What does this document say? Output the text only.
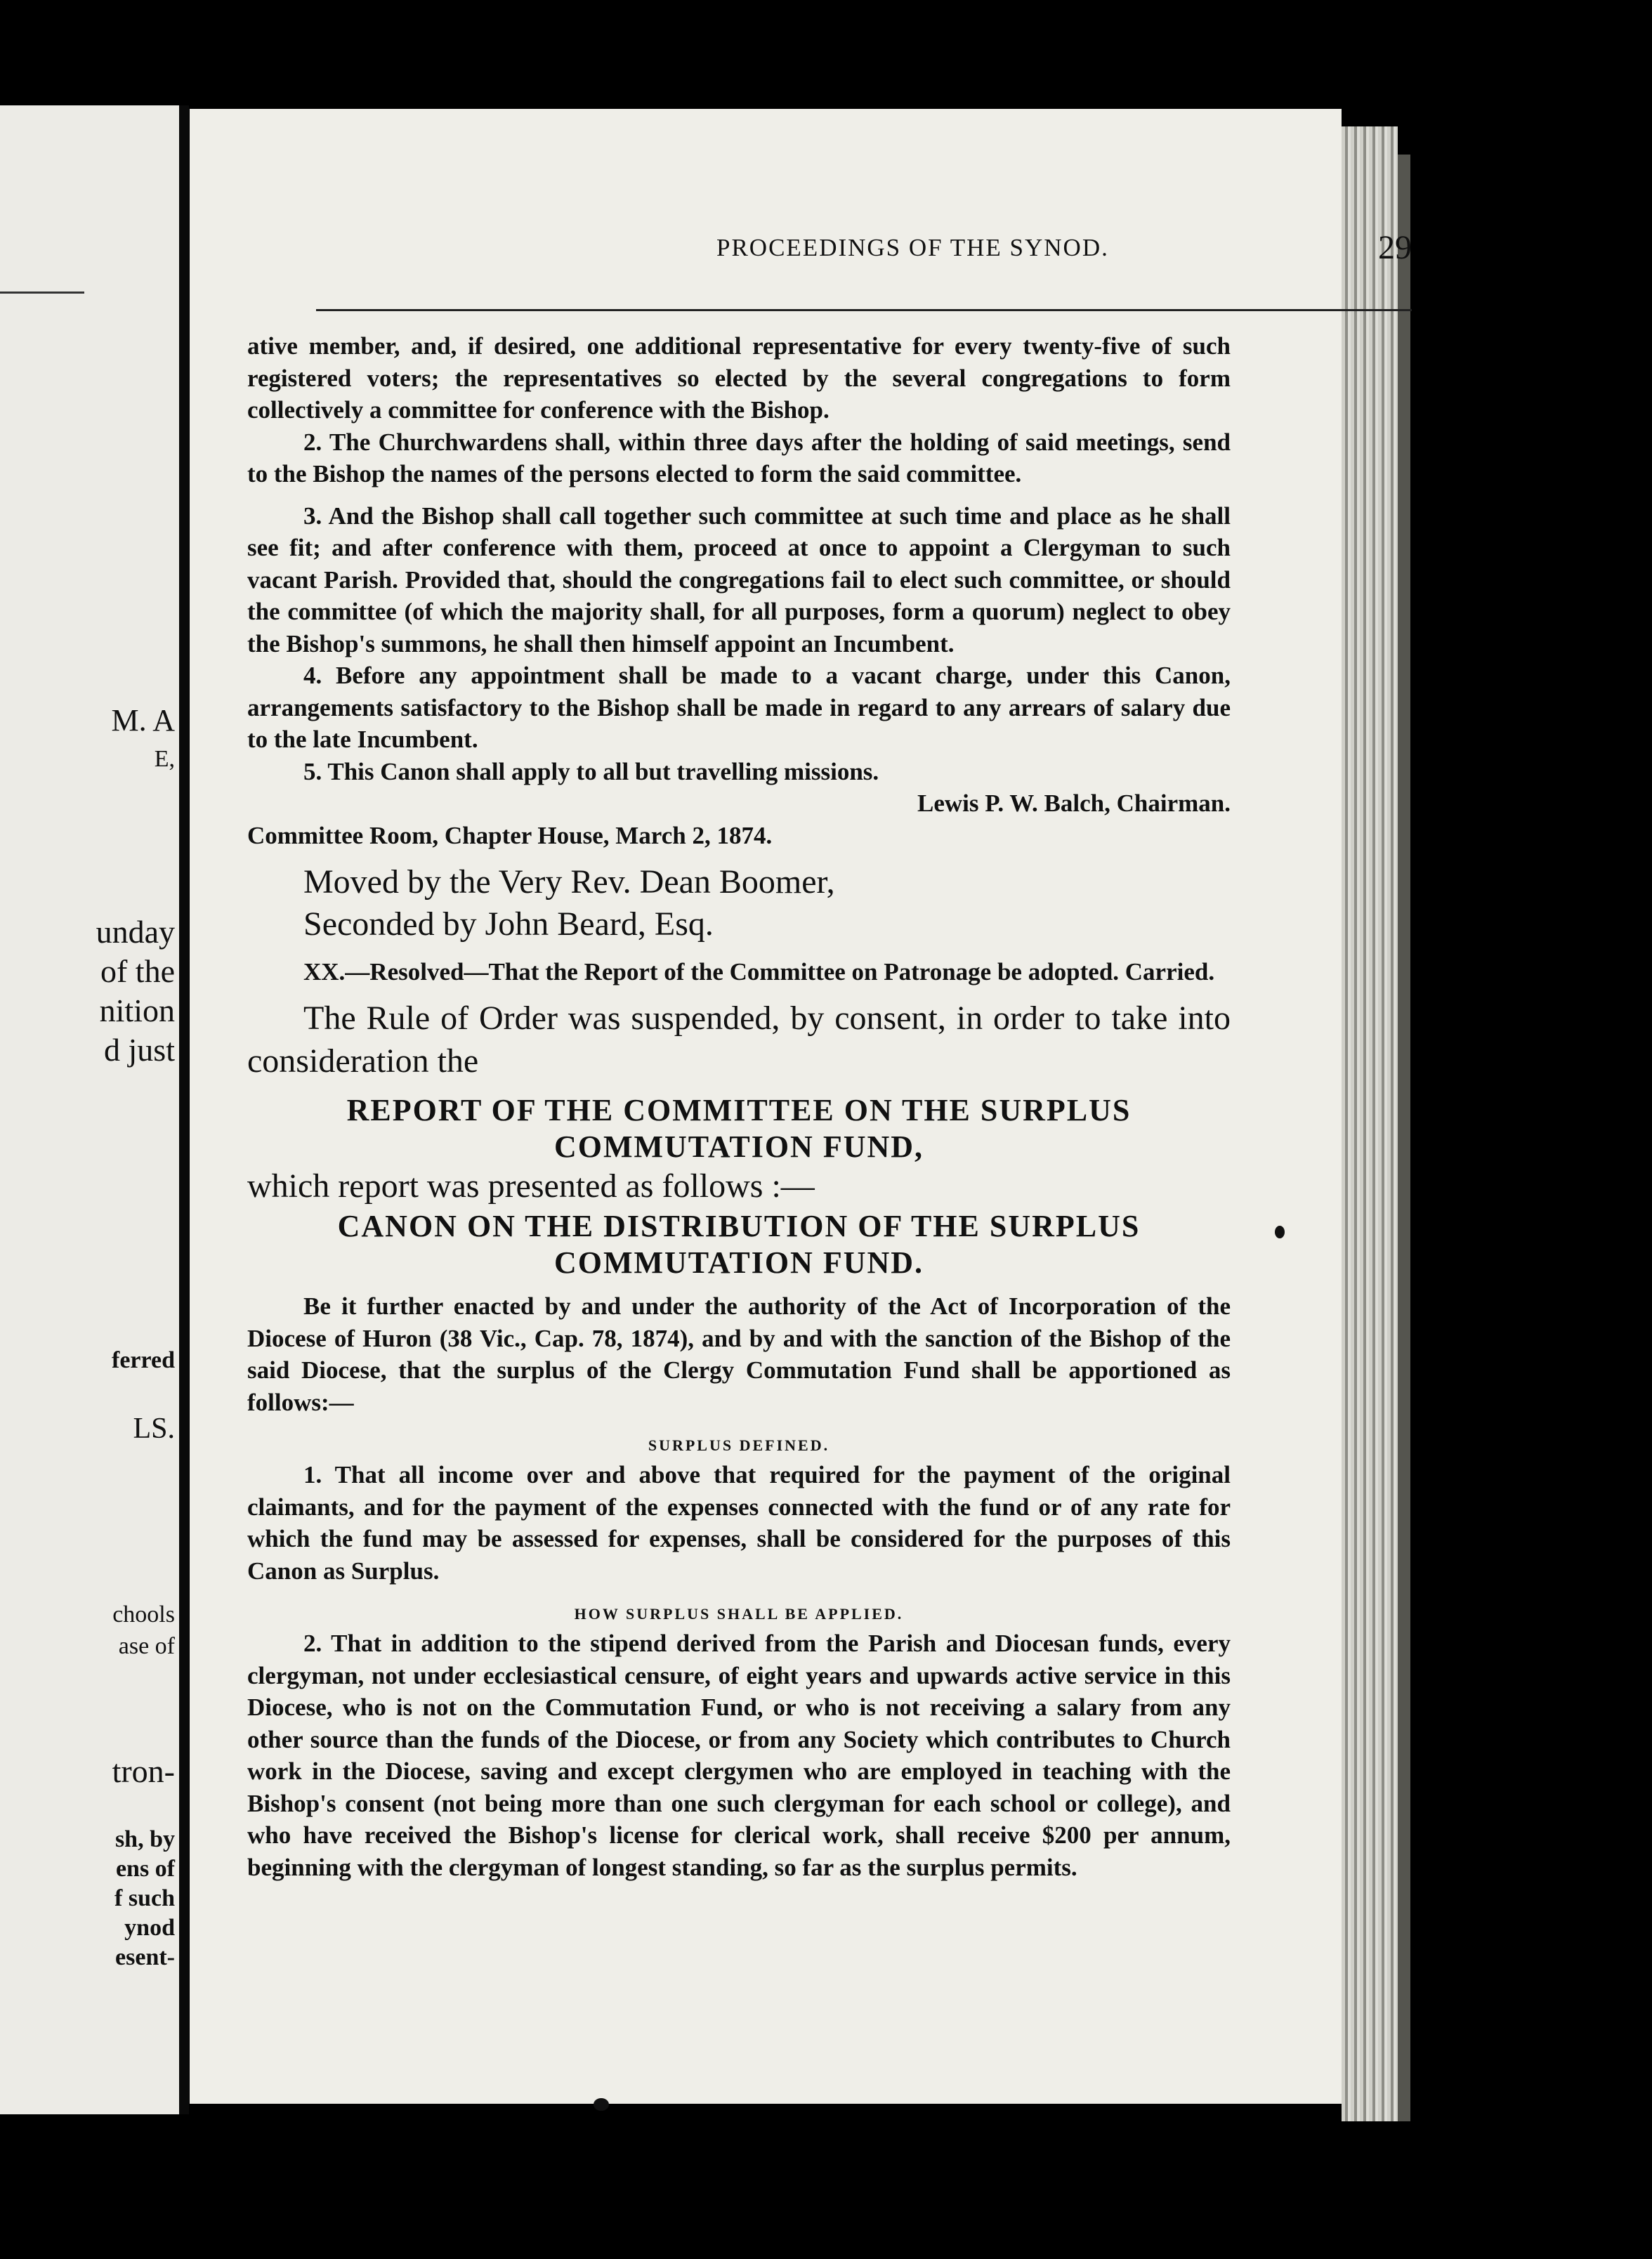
M. A
E,
unday
of the
nition
d just
ferred
LS.
chools
ase of
tron-
sh, by
ens of
f such
ynod
esent-
PROCEEDINGS OF THE SYNOD.	29

ative member, and, if desired, one additional representative for every twenty-five of such registered voters; the representatives so elected by the several congregations to form collectively a committee for conference with the Bishop.

2. The Churchwardens shall, within three days after the holding of said meetings, send to the Bishop the names of the persons elected to form the said committee.

3. And the Bishop shall call together such committee at such time and place as he shall see fit; and after conference with them, proceed at once to appoint a Clergyman to such vacant Parish. Provided that, should the congregations fail to elect such committee, or should the committee (of which the majority shall, for all purposes, form a quorum) neglect to obey the Bishop's summons, he shall then himself appoint an Incumbent.

4. Before any appointment shall be made to a vacant charge, under this Canon, arrangements satisfactory to the Bishop shall be made in regard to any arrears of salary due to the late Incumbent.

5. This Canon shall apply to all but travelling missions.

Lewis P. W. Balch, Chairman.

Committee Room, Chapter House, March 2, 1874.

Moved by the Very Rev. Dean Boomer,

Seconded by John Beard, Esq.

XX.—Resolved—That the Report of the Committee on Patronage be adopted. Carried.

The Rule of Order was suspended, by consent, in order to take into consideration the

REPORT OF THE COMMITTEE ON THE SURPLUS COMMUTATION FUND,

which report was presented as follows :—

CANON ON THE DISTRIBUTION OF THE SURPLUS COMMUTATION FUND.

Be it further enacted by and under the authority of the Act of Incorporation of the Diocese of Huron (38 Vic., Cap. 78, 1874), and by and with the sanction of the Bishop of the said Diocese, that the surplus of the Clergy Commutation Fund shall be apportioned as follows:—

SURPLUS DEFINED.

1. That all income over and above that required for the payment of the original claimants, and for the payment of the expenses connected with the fund or of any rate for which the fund may be assessed for expenses, shall be considered for the purposes of this Canon as Surplus.

HOW SURPLUS SHALL BE APPLIED.

2. That in addition to the stipend derived from the Parish and Diocesan funds, every clergyman, not under ecclesiastical censure, of eight years and upwards active service in this Diocese, who is not on the Commutation Fund, or who is not receiving a salary from any other source than the funds of the Diocese, or from any Society which contributes to Church work in the Diocese, saving and except clergymen who are employed in teaching with the Bishop's consent (not being more than one such clergyman for each school or college), and who have received the Bishop's license for clerical work, shall receive $200 per annum, beginning with the clergyman of longest standing, so far as the surplus permits.
